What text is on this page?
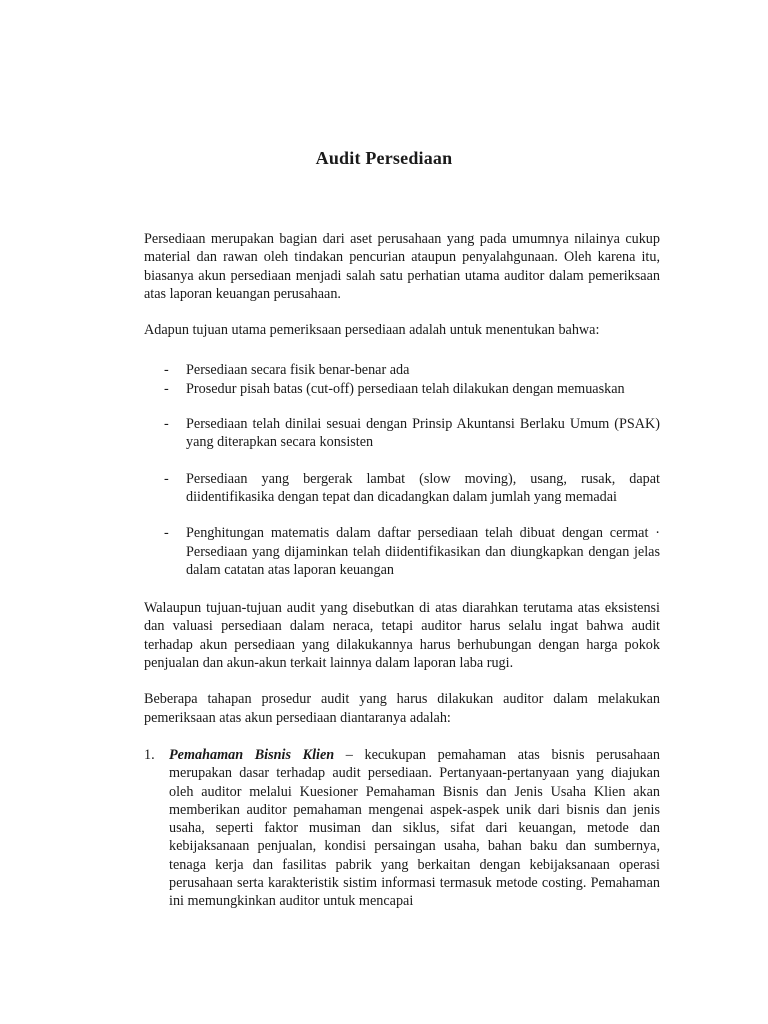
Audit Persediaan

Persediaan merupakan bagian dari aset perusahaan yang pada umumnya nilainya cukup material dan rawan oleh tindakan pencurian ataupun penyalahgunaan. Oleh karena itu, biasanya akun persediaan menjadi salah satu perhatian utama auditor dalam pemeriksaan atas laporan keuangan perusahaan.

Adapun tujuan utama pemeriksaan persediaan adalah untuk menentukan bahwa:

- Persediaan secara fisik benar-benar ada
- Prosedur pisah batas (cut-off) persediaan telah dilakukan dengan memuaskan
- Persediaan telah dinilai sesuai dengan Prinsip Akuntansi Berlaku Umum (PSAK) yang diterapkan secara konsisten
- Persediaan yang bergerak lambat (slow moving), usang, rusak, dapat diidentifikasika dengan tepat dan dicadangkan dalam jumlah yang memadai
- Penghitungan matematis dalam daftar persediaan telah dibuat dengan cermat · Persediaan yang dijaminkan telah diidentifikasikan dan diungkapkan dengan jelas dalam catatan atas laporan keuangan

Walaupun tujuan-tujuan audit yang disebutkan di atas diarahkan terutama atas eksistensi dan valuasi persediaan dalam neraca, tetapi auditor harus selalu ingat bahwa audit terhadap akun persediaan yang dilakukannya harus berhubungan dengan harga pokok penjualan dan akun-akun terkait lainnya dalam laporan laba rugi.

Beberapa tahapan prosedur audit yang harus dilakukan auditor dalam melakukan pemeriksaan atas akun persediaan diantaranya adalah:

1. Pemahaman Bisnis Klien – kecukupan pemahaman atas bisnis perusahaan merupakan dasar terhadap audit persediaan. Pertanyaan-pertanyaan yang diajukan oleh auditor melalui Kuesioner Pemahaman Bisnis dan Jenis Usaha Klien akan memberikan auditor pemahaman mengenai aspek-aspek unik dari bisnis dan jenis usaha, seperti faktor musiman dan siklus, sifat dari keuangan, metode dan kebijaksanaan penjualan, kondisi persaingan usaha, bahan baku dan sumbernya, tenaga kerja dan fasilitas pabrik yang berkaitan dengan kebijaksanaan operasi perusahaan serta karakteristik sistim informasi termasuk metode costing. Pemahaman ini memungkinkan auditor untuk mencapai
